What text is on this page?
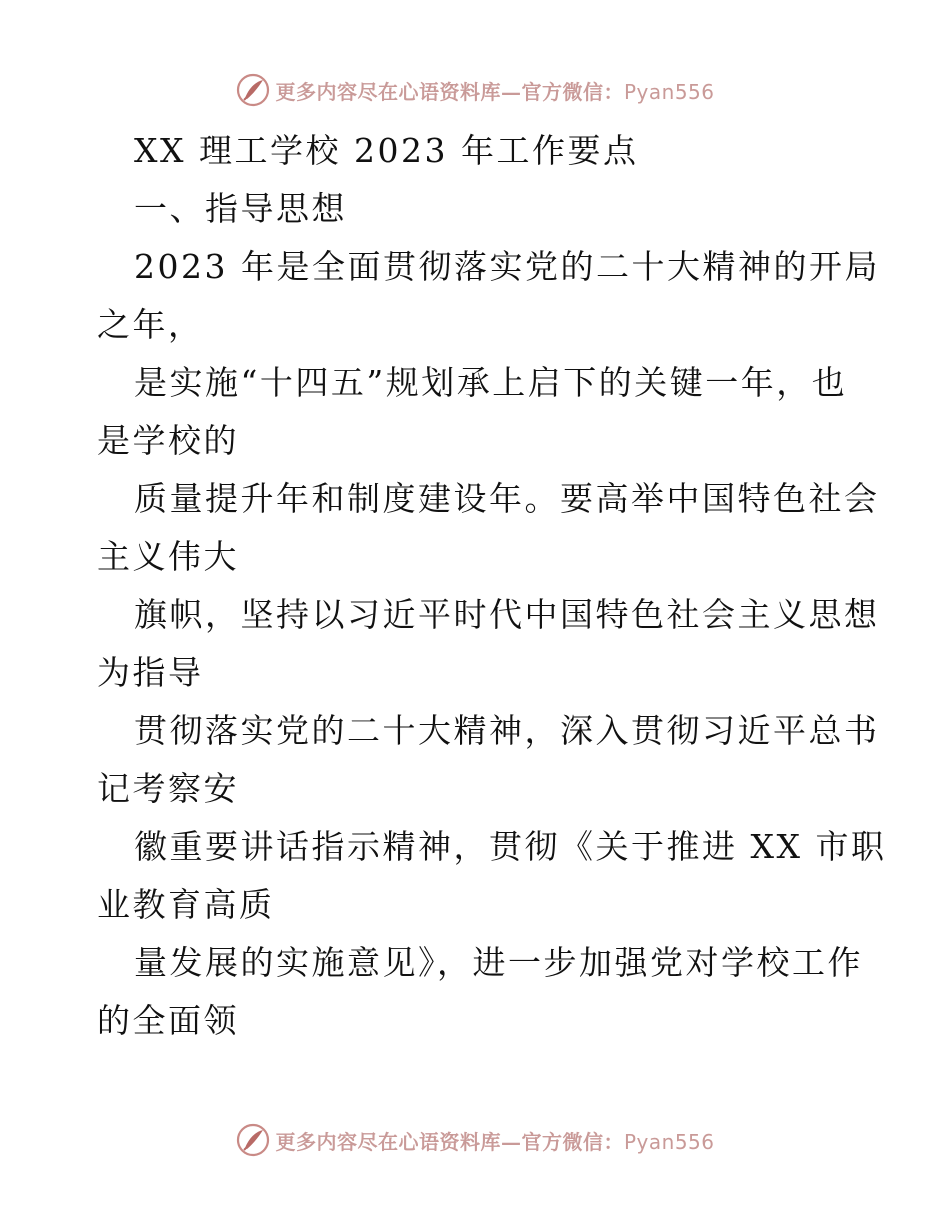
更多内容尽在心语资料库—官方微信：Pyan556
XX 理工学校 2023 年工作要点
一、指导思想
2023 年是全面贯彻落实党的二十大精神的开局
之年，
是实施“十四五”规划承上启下的关键一年，也
是学校的
质量提升年和制度建设年。要高举中国特色社会
主义伟大
旗帜，坚持以习近平时代中国特色社会主义思想
为指导
贯彻落实党的二十大精神，深入贯彻习近平总书
记考察安
徽重要讲话指示精神，贯彻《关于推进 XX 市职
业教育高质
量发展的实施意见》，进一步加强党对学校工作
的全面领
更多内容尽在心语资料库—官方微信：Pyan556
